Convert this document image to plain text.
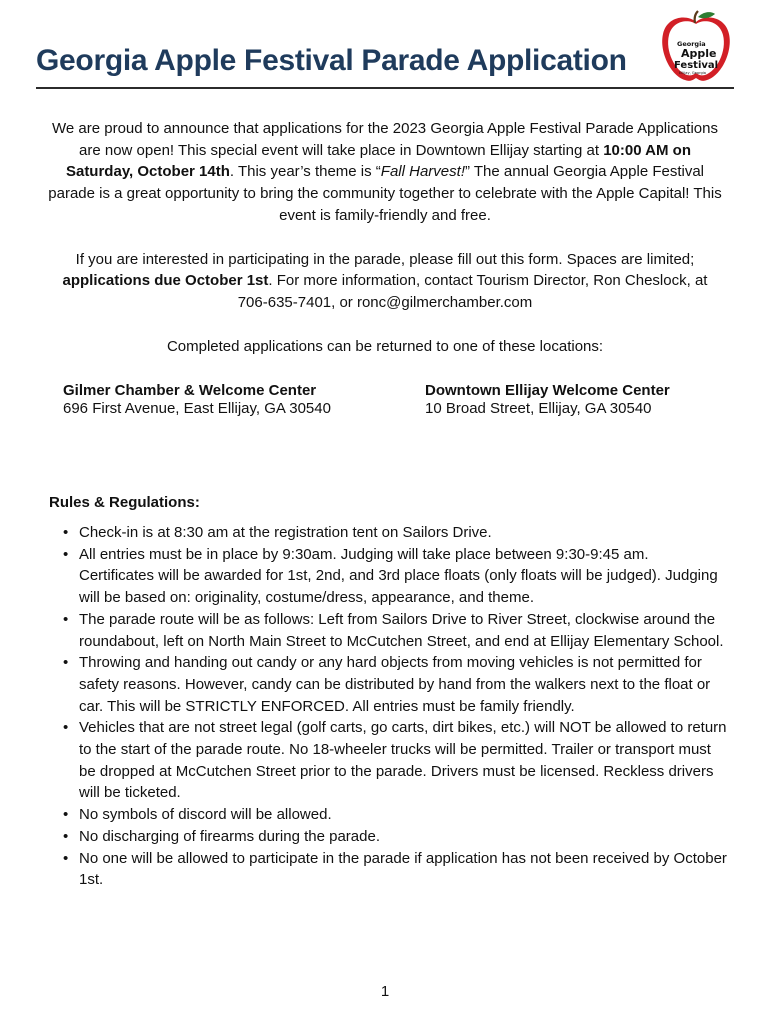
Georgia Apple Festival Parade Application	Georgia
Apple
Festival
Ellijay, Georgia

We are proud to announce that applications for the 2023 Georgia Apple Festival Parade Applications are now open! This special event will take place in Downtown Ellijay starting at 10:00 AM on Saturday, October 14th. This year’s theme is “Fall Harvest!” The annual Georgia Apple Festival parade is a great opportunity to bring the community together to celebrate with the Apple Capital! This event is family-friendly and free.

If you are interested in participating in the parade, please fill out this form. Spaces are limited; applications due October 1st. For more information, contact Tourism Director, Ron Cheslock, at 706-635-7401, or ronc@gilmerchamber.com

Completed applications can be returned to one of these locations:

Gilmer Chamber & Welcome Center
696 First Avenue, East Ellijay, GA 30540
Downtown Ellijay Welcome Center
10 Broad Street, Ellijay, GA 30540
Rules & Regulations:
• Check-in is at 8:30 am at the registration tent on Sailors Drive.
• All entries must be in place by 9:30am. Judging will take place between 9:30-9:45 am. Certificates will be awarded for 1st, 2nd, and 3rd place floats (only floats will be judged). Judging will be based on: originality, costume/dress, appearance, and theme.
• The parade route will be as follows: Left from Sailors Drive to River Street, clockwise around the roundabout, left on North Main Street to McCutchen Street, and end at Ellijay Elementary School.
• Throwing and handing out candy or any hard objects from moving vehicles is not permitted for safety reasons. However, candy can be distributed by hand from the walkers next to the float or car. This will be STRICTLY ENFORCED. All entries must be family friendly.
• Vehicles that are not street legal (golf carts, go carts, dirt bikes, etc.) will NOT be allowed to return to the start of the parade route. No 18-wheeler trucks will be permitted. Trailer or transport must be dropped at McCutchen Street prior to the parade. Drivers must be licensed. Reckless drivers will be ticketed.
• No symbols of discord will be allowed.
• No discharging of firearms during the parade.
• No one will be allowed to participate in the parade if application has not been received by October 1st.
1
